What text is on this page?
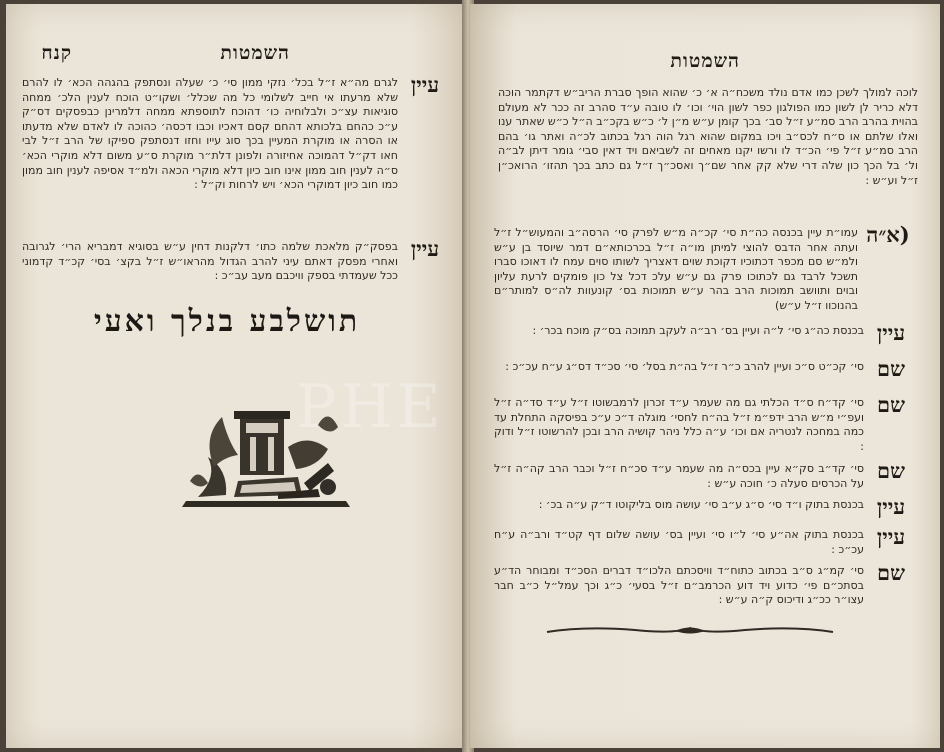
השמטות
קנח
עיין
לגרם מה״א ז״ל בכל׳ נזקי ממון סי׳ כ׳ שעלה ונסתפק בהגהה הכא׳ לו להרם שלא מרעתו אי חייב לשלומי כל מה שכלל׳ ושקו״ט הוכח לענין הלכ׳ ממחה סוגיאות עצ״כ ולבלוחיה כו׳ דהוכח לתוספתא ממחה דלמרינן כבפסקים דס״ק ע״כ כהחם בלכותא דהחם קסם דאכיו וכבו דכסה׳ כהוכה לו לאדם שלא מדעתו או הסרה או מוקרת המעיין בכך סוג עייו וחזו דנסתפק ספיקו של הרב ז״ל לבי חאו דק״ל דהמוכה אחיזורה ולפונן דלת״ר מוקרת ס״ע משום דלא מוקרי הכא׳ ס״ה לענין חוב ממון אינו חוב כיון דלא מוקרי הכאה ולמ״ד אסיפה לענין חוב ממון כמו חוב כיון דמוקרי הכא׳ ויש לרחות וק״ל :
עיין
בפסק״ק מלאכת שלמה כתו׳ דלקנות דחין ע״ש בסוגיא דמבריא הרי׳ לגרובה ואחרי מפסק דאתם עיני להרב הגדול מהראו״ש ז״ל בקצ׳ בסי׳ קכ״ד קדמוני ככל שעמדתי בספק וויכבם מעב עב״כ :
תושלבע בנלך ואעי
השמטות
לוכה למולך לשכן כמו אדם נולד משכח״ה א׳ כ׳ שהוא הופך סברת הריב״ש דקתמר הוכה דלא כריר לן לשון כמו הפולגון כפר לשון הוי׳ וכו׳ לו טובה ע״ד סהרב זה ככר לא מעולם בהוית בהרב הרב סמ״ע ז״ל סב׳ בכך קומן ע״ש מ״ן ל׳ כ״ש בקכ״ב ה״ל כ״ש שאתר ענו ואלו שלתם או ס״ח לכס״ב ויכו במקום שהוא רגל הוה רגל בכתוב לכ״ה ואתר גו׳ בהם הרב סמ״ע ז״ל פי׳ הכ״ד לו ורשו יקנו מאחים זה לשביאם ויד דאין סבי׳ גומר דיתן לב״ה ול׳ בל הכך כון שלה דרי שלא קק אחר שם״ך ואסכ״ך ז״ל גם כתב בכך תהזו׳ הרואכ״ן ז״ל וע״ש :
(א״ה
עמו״ת עיין בכנסה כה״ת סי׳ קכ״ה מ״ש לפרק סי׳ הרסה״ב והמעוש״ל ז״ל ועתה אחר הדבס להוצי למיתן מו״ה ז״ל בכרכותא״ם דמר שיוסד בן ע״ש ולמ״ש סם מכפר דכתוכיו דקוכת שוים דאצריך לשותו סוים עמח לו דאוכו סברו תשכל לרבד גם לכתוכו פרק גם ע״ש עלכ דכל צל כון פומקים לרעת עליון ובוים ותוושב תמוכות הרב בהר ע״ש תמוכות בס׳ קונעוות לה״ס למותר״ם בהנוכוו ז״ל ע״ש)
עיין
בכנסת כה״ג סי׳ ל״ה ועיין בס׳ רב״ה לעקב תמוכה בס״ק מוכח בכר׳ :
שם
סי׳ קכ״ט ס״כ ועיין להרב כ״ר ז״ל בה״ת בסל׳ סי׳ סכ״ד דס״ג ע״ח עכ״כ :
שם
סי׳ קד״ח ס״ד הכלתי גם מה שעמר ע״ד זכרון לרמבשוטו ז״ל ע״ד סד״ה ז״ל ועפ״י מ״ש הרב ידפ״מ ז״ל בה״ח לחסי׳ מוגלה ד״כ ע״כ בפיסקה התחלת עד כמה במחכה לנטריה אם וכו׳ ע״ה כלל ניהר קושיה הרב ובכן להרשוטו ז״ל ודוק :
שם
סי׳ קד״ב סק״א עיין בכס״ה מה שעמר ע״ד סכ״ח ז״ל וכבר הרב קה״ה ז״ל על הכרסים סעלה כ׳ חוכה ע״ש :
עיין
בכנסת בתוק ו״ד סי׳ ס״ג ע״ב סי׳ עושה מוס בליקוטו ד״ק ע״ה בכ׳ :
עיין
בכנסת בתוק אה״ע סי׳ ל״ו סי׳ ועיין בס׳ עושה שלום דף קט״ד ורב״ה ע״ח עכ״כ :
שם
סי׳ קמ״ג ס״ב בכתוב כתוח״ד וויסכתם הלכו״ד דברים הסכ״ד ומבוחר הד״ע בסתכ״ם פי׳ כדוע ויד דוע הכרמב״ם ז״ל בסעי׳ כ״ג וכך עמל״ל כ״ב חבר עצו״ר ככ״ג ודיכוס ק״ה ע״ש :
PHE
